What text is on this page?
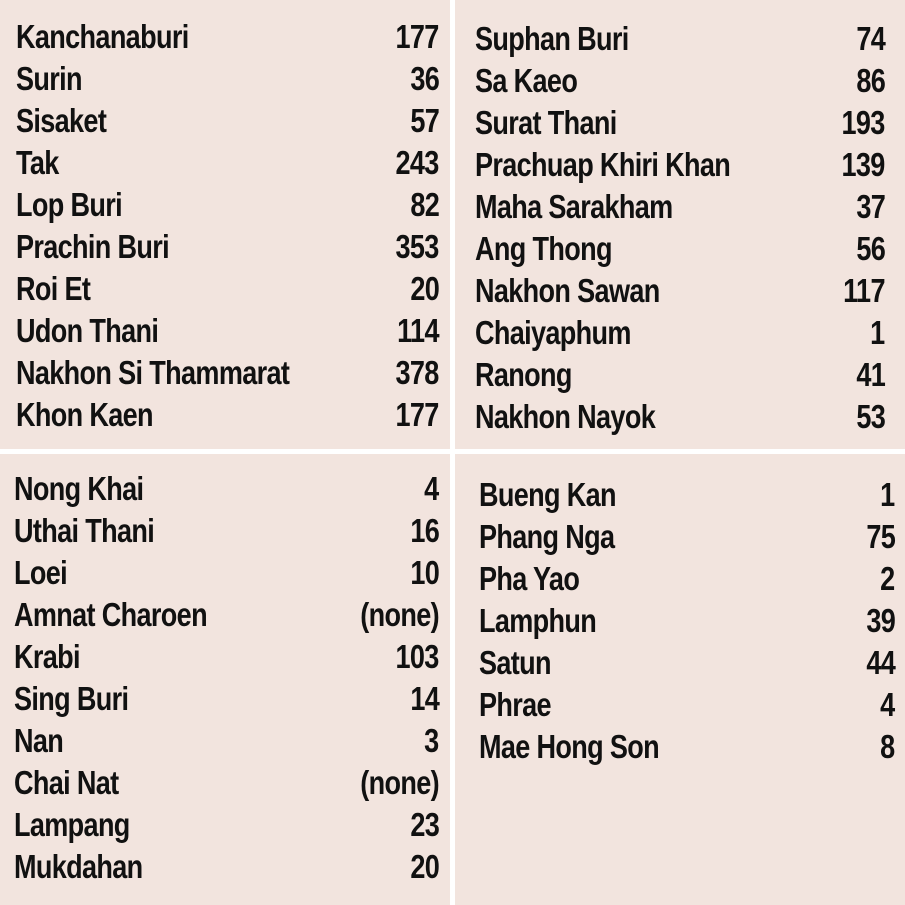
Kanchanaburi	177
Surin	36
Sisaket	57
Tak	243
Lop Buri	82
Prachin Buri	353
Roi Et	20
Udon Thani	114
Nakhon Si Thammarat	378
Khon Kaen	177
Suphan Buri	74
Sa Kaeo	86
Surat Thani	193
Prachuap Khiri Khan	139
Maha Sarakham	37
Ang Thong	56
Nakhon Sawan	117
Chaiyaphum	1
Ranong	41
Nakhon Nayok	53
Nong Khai	4
Uthai Thani	16
Loei	10
Amnat Charoen	(none)
Krabi	103
Sing Buri	14
Nan	3
Chai Nat	(none)
Lampang	23
Mukdahan	20
Bueng Kan	1
Phang Nga	75
Pha Yao	2
Lamphun	39
Satun	44
Phrae	4
Mae Hong Son	8
